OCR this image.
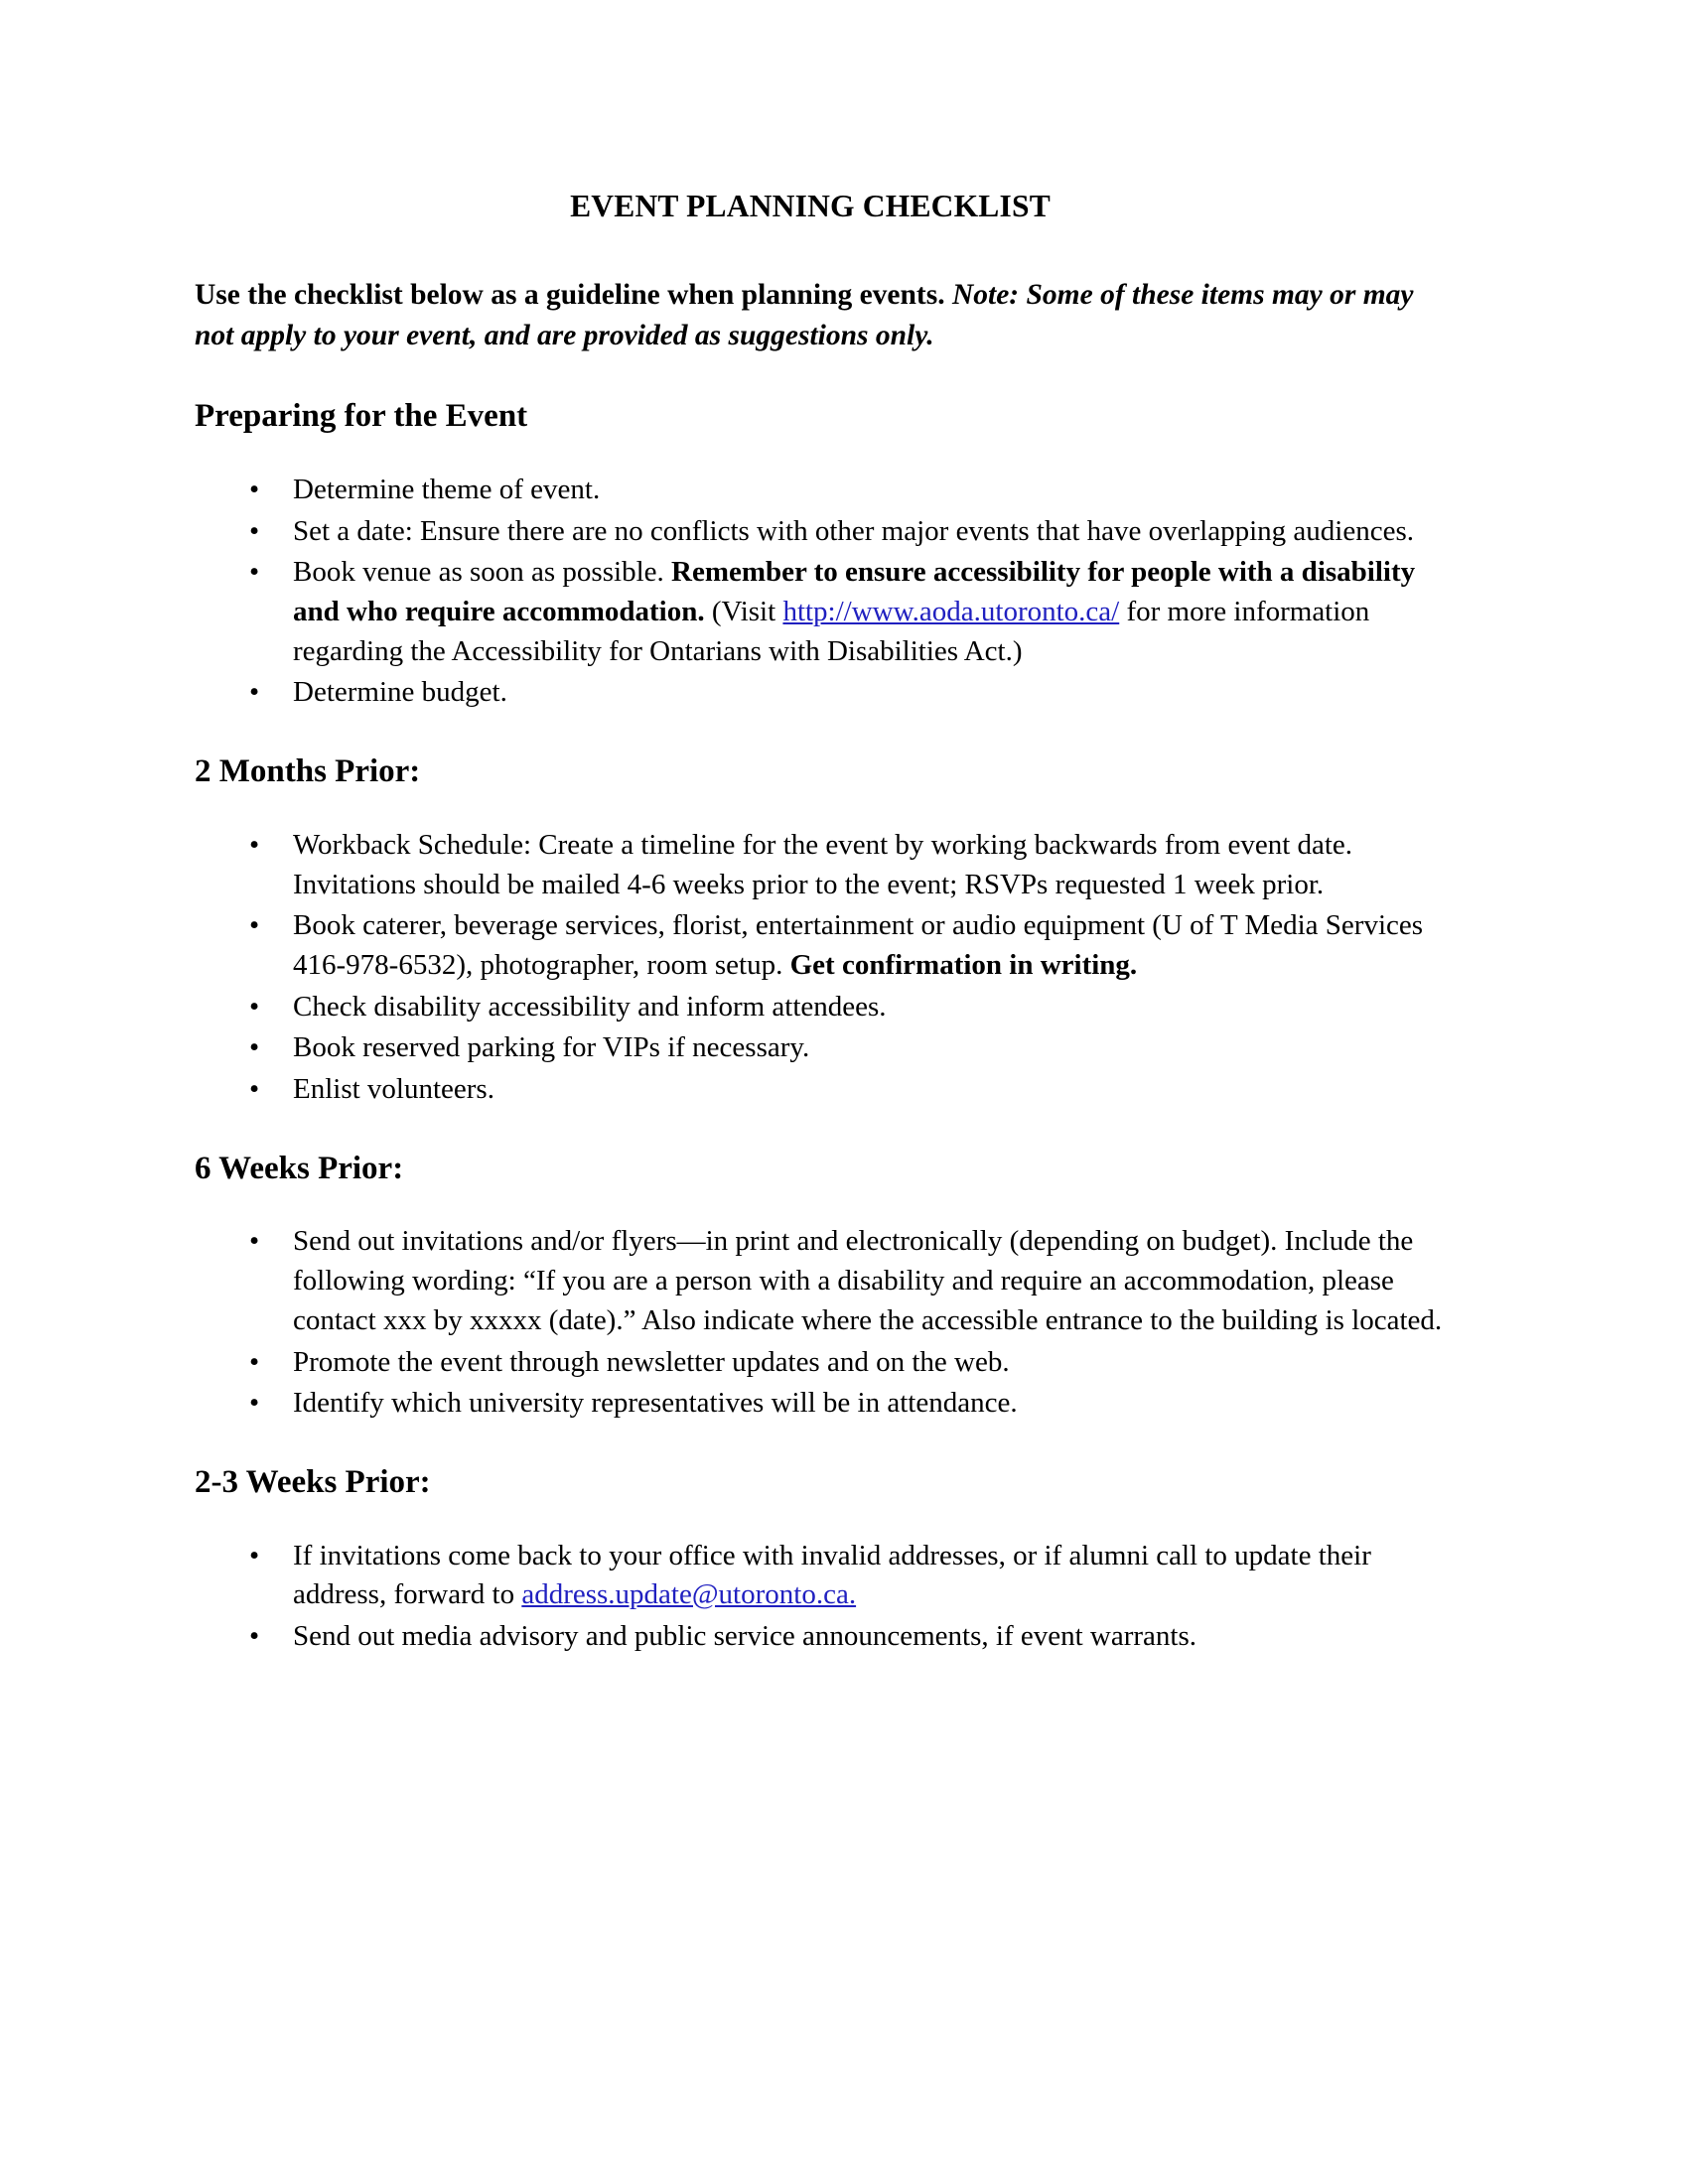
EVENT PLANNING CHECKLIST

Use the checklist below as a guideline when planning events. Note: Some of these items may or may not apply to your event, and are provided as suggestions only.

Preparing for the Event
• Determine theme of event.
• Set a date: Ensure there are no conflicts with other major events that have overlapping audiences.
• Book venue as soon as possible. Remember to ensure accessibility for people with a disability and who require accommodation. (Visit http://www.aoda.utoronto.ca/ for more information regarding the Accessibility for Ontarians with Disabilities Act.)
• Determine budget.
2 Months Prior:
• Workback Schedule: Create a timeline for the event by working backwards from event date. Invitations should be mailed 4-6 weeks prior to the event; RSVPs requested 1 week prior.
• Book caterer, beverage services, florist, entertainment or audio equipment (U of T Media Services 416-978-6532), photographer, room setup. Get confirmation in writing.
• Check disability accessibility and inform attendees.
• Book reserved parking for VIPs if necessary.
• Enlist volunteers.
6 Weeks Prior:
• Send out invitations and/or flyers—in print and electronically (depending on budget). Include the following wording: “If you are a person with a disability and require an accommodation, please contact xxx by xxxxx (date).” Also indicate where the accessible entrance to the building is located.
• Promote the event through newsletter updates and on the web.
• Identify which university representatives will be in attendance.
2-3 Weeks Prior:
• If invitations come back to your office with invalid addresses, or if alumni call to update their address, forward to address.update@utoronto.ca.
• Send out media advisory and public service announcements, if event warrants.
